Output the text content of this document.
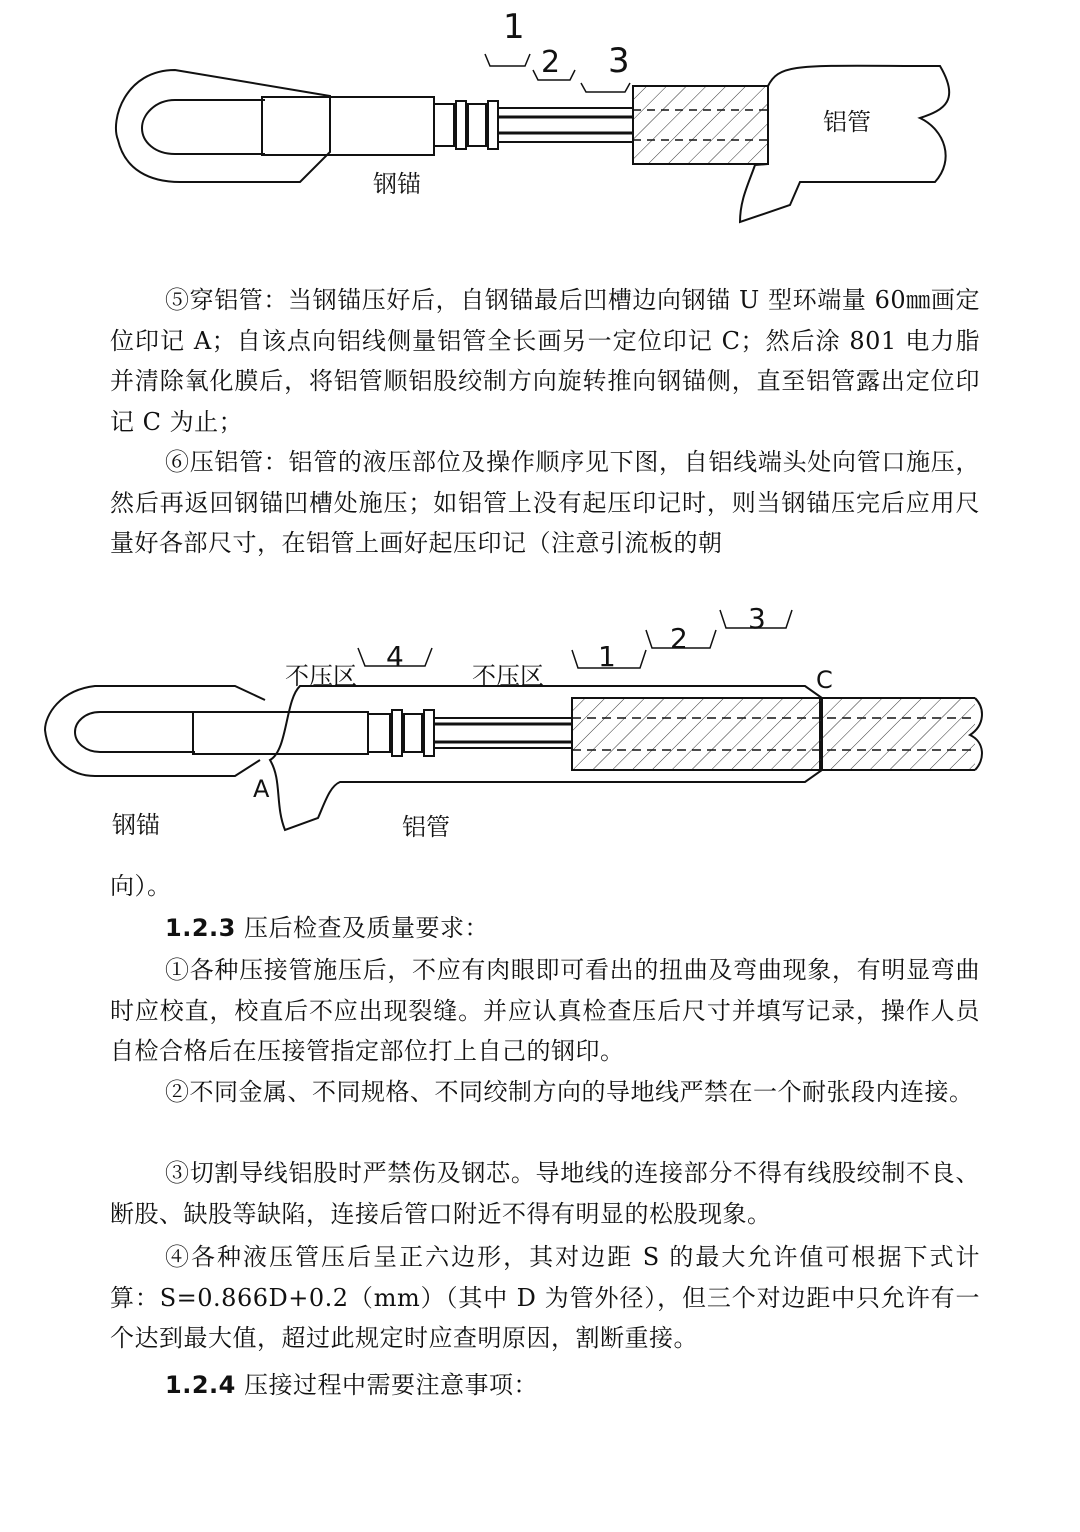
1
2 3
钢锚
铝管

⑤穿铝管：当钢锚压好后，自钢锚最后凹槽边向钢锚 U 型环端量 60㎜画定位印记 A；自该点向铝线侧量铝管全长画另一定位印记 C；然后涂 801 电力脂并清除氧化膜后，将铝管顺铝股绞制方向旋转推向钢锚侧，直至铝管露出定位印记 C 为止；

⑥压铝管：铝管的液压部位及操作顺序见下图，自铝线端头处向管口施压，然后再返回钢锚凹槽处施压；如铝管上没有起压印记时，则当钢锚压完后应用尺量好各部尺寸，在铝管上画好起压印记（注意引流板的朝

4	1
2
3
不压区	不压区	C
A
钢锚	铝管

向）。

1.2.3 压后检查及质量要求：

①各种压接管施压后，不应有肉眼即可看出的扭曲及弯曲现象，有明显弯曲时应校直，校直后不应出现裂缝。并应认真检查压后尺寸并填写记录，操作人员自检合格后在压接管指定部位打上自己的钢印。

②不同金属、不同规格、不同绞制方向的导地线严禁在一个耐张段内连接。

③切割导线铝股时严禁伤及钢芯。导地线的连接部分不得有线股绞制不良、断股、缺股等缺陷，连接后管口附近不得有明显的松股现象。

④各种液压管压后呈正六边形，其对边距 S 的最大允许值可根据下式计算：S=0.866D+0.2（mm）（其中 D 为管外径），但三个对边距中只允许有一个达到最大值，超过此规定时应查明原因，割断重接。

1.2.4 压接过程中需要注意事项：
